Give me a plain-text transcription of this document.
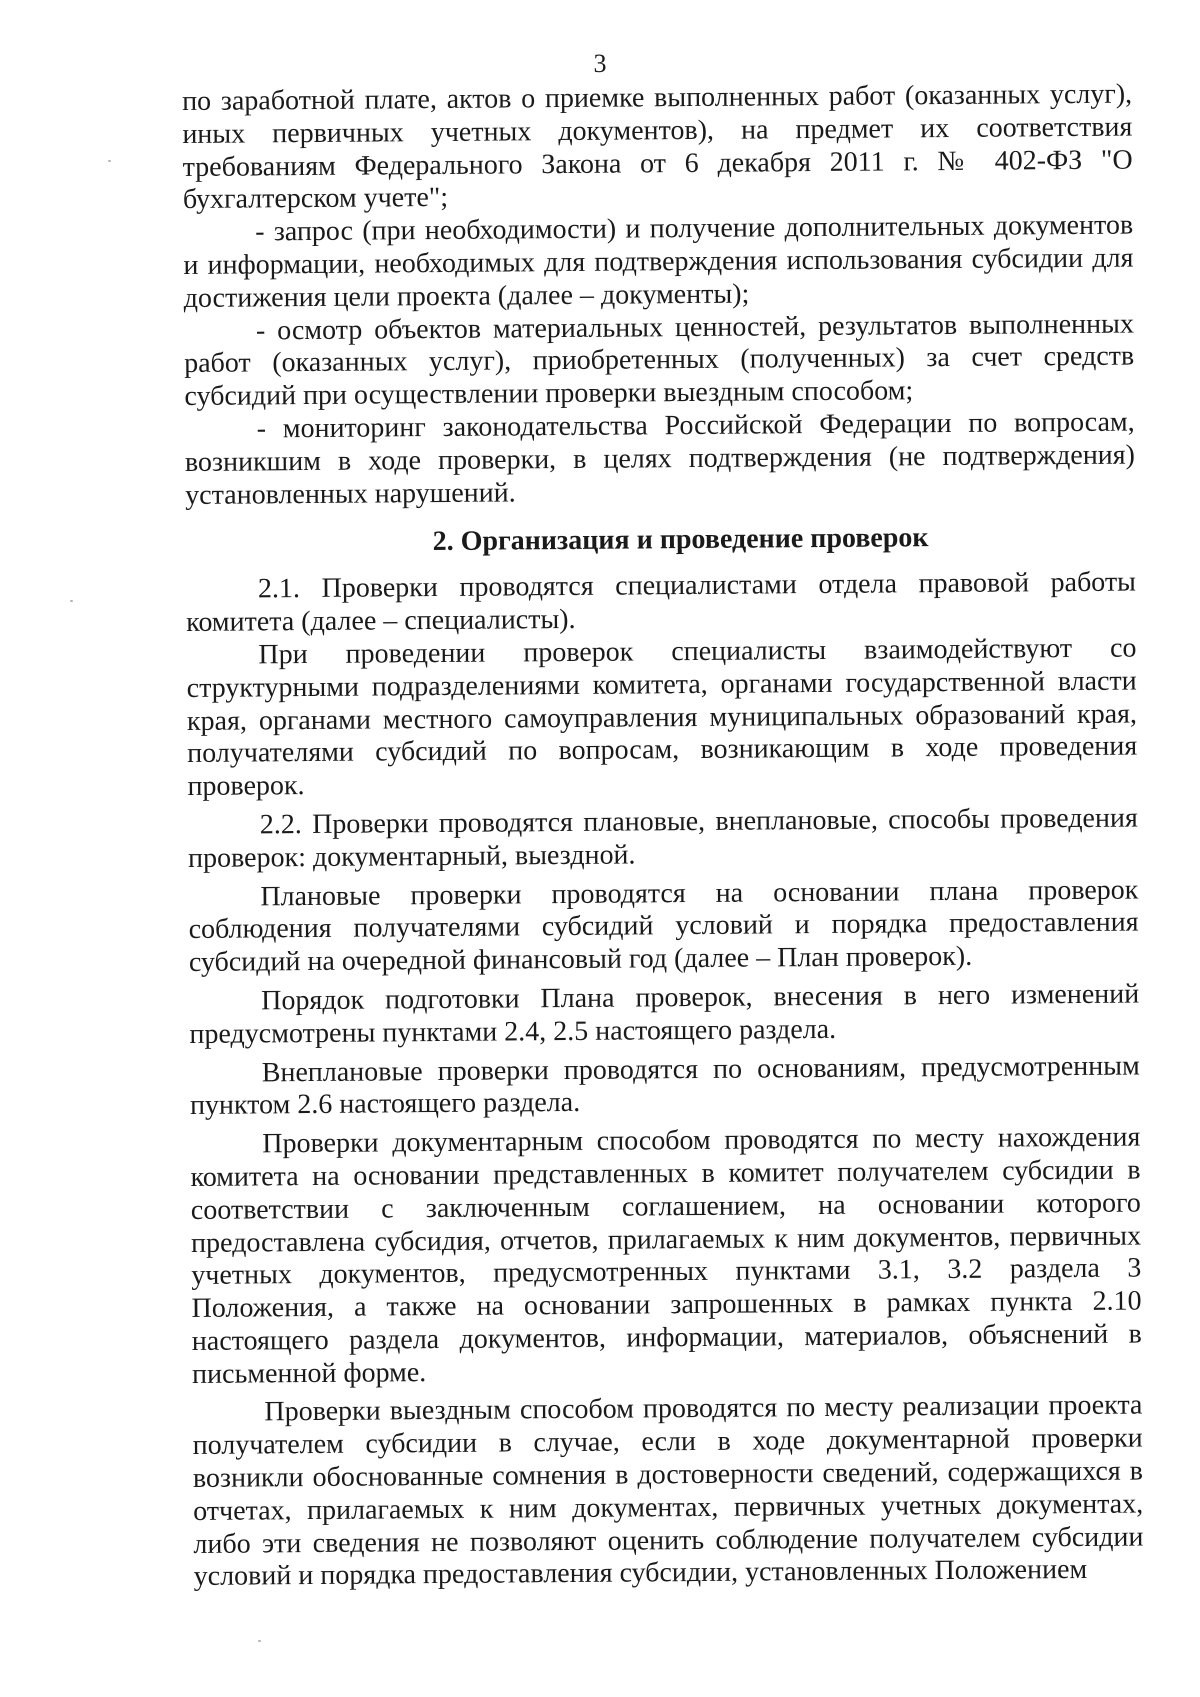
3

по заработной плате, актов о приемке выполненных работ (оказанных услуг), иных первичных учетных документов), на предмет их соответствия требованиям Федерального Закона от 6 декабря 2011 г. № 402-ФЗ "О бухгалтерском учете";

- запрос (при необходимости) и получение дополнительных документов и информации, необходимых для подтверждения использования субсидии для достижения цели проекта (далее – документы);

- осмотр объектов материальных ценностей, результатов выполненных работ (оказанных услуг), приобретенных (полученных) за счет средств субсидий при осуществлении проверки выездным способом;

- мониторинг законодательства Российской Федерации по вопросам, возникшим в ходе проверки, в целях подтверждения (не подтверждения) установленных нарушений.

2. Организация и проведение проверок

2.1. Проверки проводятся специалистами отдела правовой работы комитета (далее – специалисты).

При проведении проверок специалисты взаимодействуют со структурными подразделениями комитета, органами государственной власти края, органами местного самоуправления муниципальных образований края, получателями субсидий по вопросам, возникающим в ходе проведения проверок.

2.2. Проверки проводятся плановые, внеплановые, способы проведения проверок: документарный, выездной.

Плановые проверки проводятся на основании плана проверок соблюдения получателями субсидий условий и порядка предоставления субсидий на очередной финансовый год (далее – План проверок).

Порядок подготовки Плана проверок, внесения в него изменений предусмотрены пунктами 2.4, 2.5 настоящего раздела.

Внеплановые проверки проводятся по основаниям, предусмотренным пунктом 2.6 настоящего раздела.

Проверки документарным способом проводятся по месту нахождения комитета на основании представленных в комитет получателем субсидии в соответствии с заключенным соглашением, на основании которого предоставлена субсидия, отчетов, прилагаемых к ним документов, первичных учетных документов, предусмотренных пунктами 3.1, 3.2 раздела 3 Положения, а также на основании запрошенных в рамках пункта 2.10 настоящего раздела документов, информации, материалов, объяснений в письменной форме.

Проверки выездным способом проводятся по месту реализации проекта получателем субсидии в случае, если в ходе документарной проверки возникли обоснованные сомнения в достоверности сведений, содержащихся в отчетах, прилагаемых к ним документах, первичных учетных документах, либо эти сведения не позволяют оценить соблюдение получателем субсидии условий и порядка предоставления субсидии, установленных Положением
